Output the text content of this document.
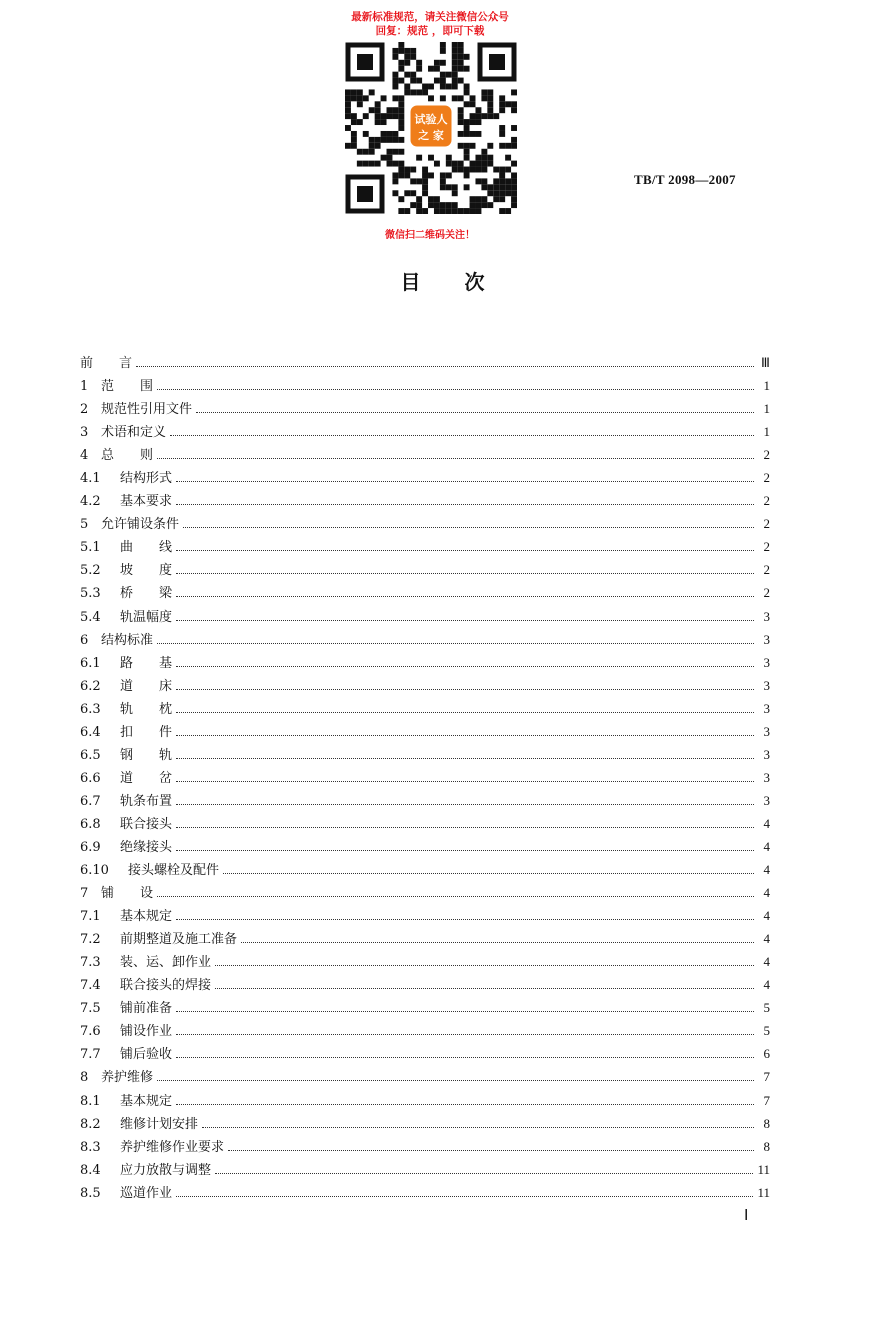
最新标准规范，请关注微信公众号
回复：规范 ，即可下载
试验人
之 家
微信扫二维码关注！
TB/T 2098—2007
目次
前　　言	Ⅲ
1 范　　围	1
2 规范性引用文件	1
3 术语和定义	1
4 总　　则	2
4.1	结构形式	2
4.2	基本要求	2
5 允许铺设条件	2
5.1	曲　　线	2
5.2	坡　　度	2
5.3	桥　　梁	2
5.4	轨温幅度	3
6 结构标准	3
6.1	路　　基	3
6.2	道　　床	3
6.3	轨　　枕	3
6.4	扣　　件	3
6.5	钢　　轨	3
6.6	道　　岔	3
6.7	轨条布置	3
6.8	联合接头	4
6.9	绝缘接头	4
6.10	接头螺栓及配件	4
7 铺　　设	4
7.1	基本规定	4
7.2	前期整道及施工准备	4
7.3	装、运、卸作业	4
7.4	联合接头的焊接	4
7.5	铺前准备	5
7.6	铺设作业	5
7.7	铺后验收	6
8 养护维修	7
8.1	基本规定	7
8.2	维修计划安排	8
8.3	养护维修作业要求	8
8.4	应力放散与调整	11
8.5	巡道作业	11
Ⅰ
